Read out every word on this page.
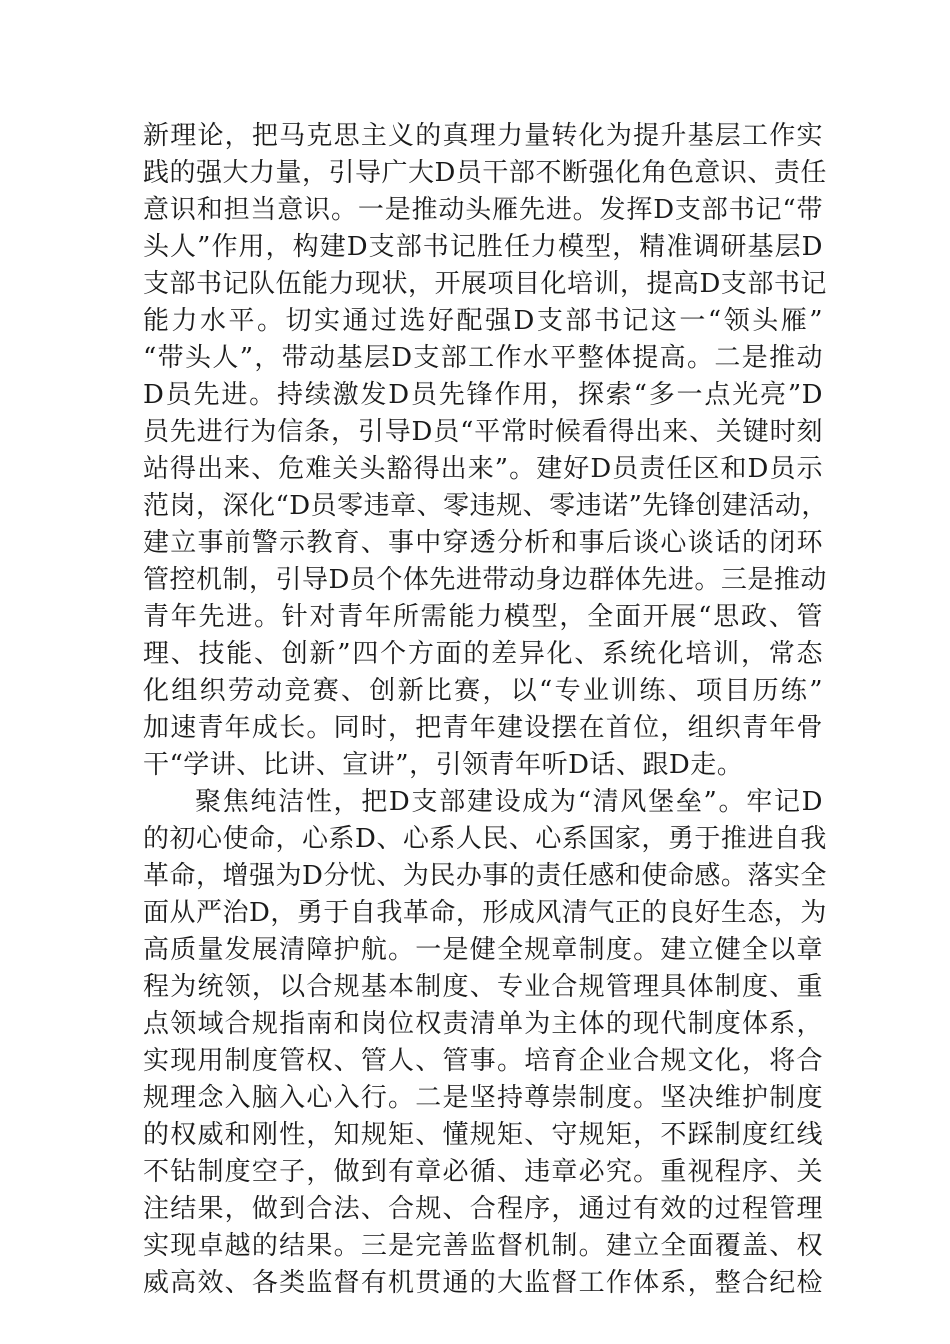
新理论，把马克思主义的真理力量转化为提升基层工作实

践的强大力量，引导广大D员干部不断强化角色意识、责任

意识和担当意识。一是推动头雁先进。发挥D支部书记“带

头人”作用，构建D支部书记胜任力模型，精准调研基层D

支部书记队伍能力现状，开展项目化培训，提高D支部书记

能力水平。切实通过选好配强D支部书记这一“领头雁”

“带头人”，带动基层D支部工作水平整体提高。二是推动

D员先进。持续激发D员先锋作用，探索“多一点光亮”D

员先进行为信条，引导D员“平常时候看得出来、关键时刻

站得出来、危难关头豁得出来”。建好D员责任区和D员示

范岗，深化“D员零违章、零违规、零违诺”先锋创建活动，

建立事前警示教育、事中穿透分析和事后谈心谈话的闭环

管控机制，引导D员个体先进带动身边群体先进。三是推动

青年先进。针对青年所需能力模型，全面开展“思政、管

理、技能、创新”四个方面的差异化、系统化培训，常态

化组织劳动竞赛、创新比赛，以“专业训练、项目历练”

加速青年成长。同时，把青年建设摆在首位，组织青年骨

干“学讲、比讲、宣讲”，引领青年听D话、跟D走。

聚焦纯洁性，把D支部建设成为“清风堡垒”。牢记D

的初心使命，心系D、心系人民、心系国家，勇于推进自我

革命，增强为D分忧、为民办事的责任感和使命感。落实全

面从严治D，勇于自我革命，形成风清气正的良好生态，为

高质量发展清障护航。一是健全规章制度。建立健全以章

程为统领，以合规基本制度、专业合规管理具体制度、重

点领域合规指南和岗位权责清单为主体的现代制度体系，

实现用制度管权、管人、管事。培育企业合规文化，将合

规理念入脑入心入行。二是坚持尊崇制度。坚决维护制度

的权威和刚性，知规矩、懂规矩、守规矩，不踩制度红线

不钻制度空子，做到有章必循、违章必究。重视程序、关

注结果，做到合法、合规、合程序，通过有效的过程管理

实现卓越的结果。三是完善监督机制。建立全面覆盖、权

威高效、各类监督有机贯通的大监督工作体系，整合纪检
